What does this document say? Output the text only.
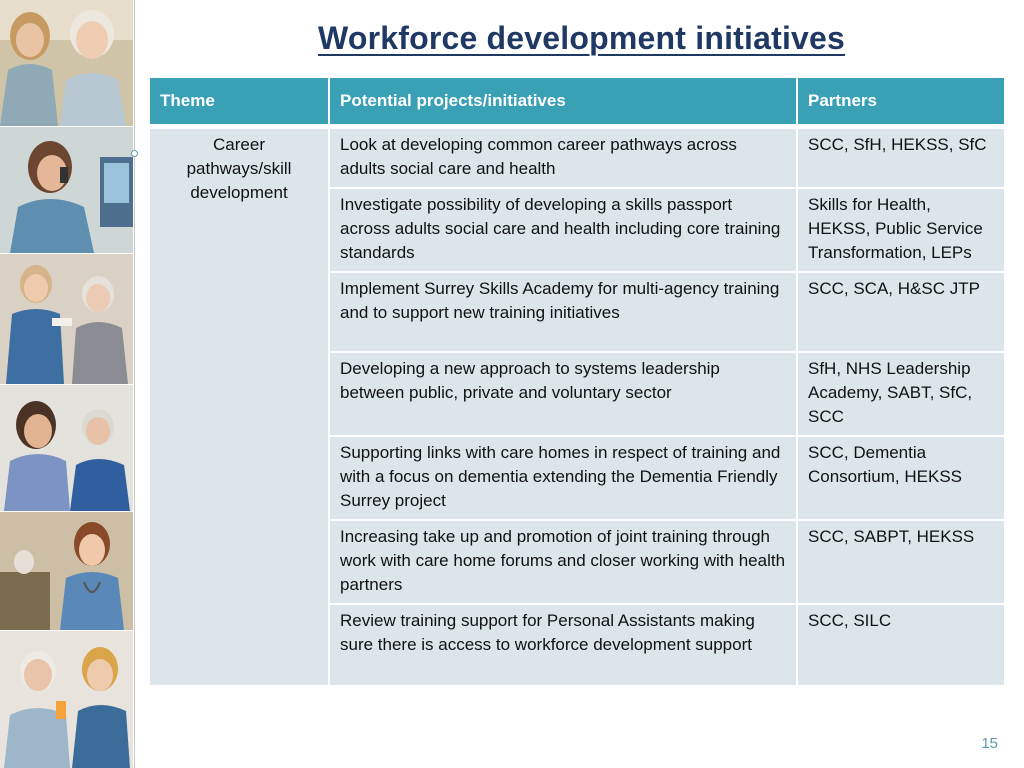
Workforce development initiatives
Theme	Potential projects/initiatives	Partners

Career pathways/skill development	Look at developing common career pathways across adults social care and health	SCC, SfH, HEKSS, SfC
	Investigate possibility of developing a skills passport across adults social care and health including core training standards	Skills for Health, HEKSS, Public Service Transformation, LEPs
	Implement Surrey Skills Academy for multi-agency training and to support new training initiatives	SCC, SCA, H&SC JTP
	Developing a new approach to systems leadership between public, private and voluntary sector	SfH, NHS Leadership Academy, SABT, SfC, SCC
	Supporting links with care homes in respect of training and with a focus on dementia extending the Dementia Friendly Surrey project	SCC, Dementia Consortium, HEKSS
	Increasing take up and promotion of joint training through work with care home forums and closer working with health partners	SCC, SABPT, HEKSS
	Review training support for Personal Assistants making sure there is access to workforce development support	SCC, SILC
15
